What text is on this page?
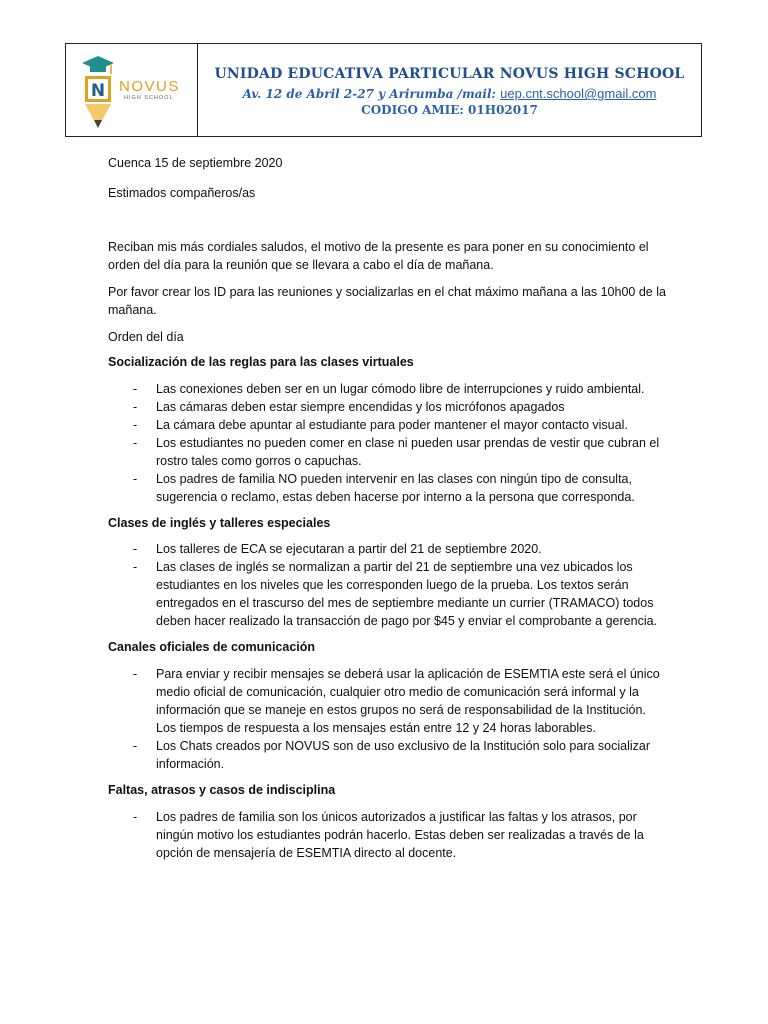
N NOVUS
HIGH SCHOOL
UNIDAD EDUCATIVA PARTICULAR NOVUS HIGH SCHOOL
Av. 12 de Abril 2-27 y Arirumba /mail: uep.cnt.school@gmail.com
CODIGO AMIE: 01H02017

Cuenca 15 de septiembre 2020

Estimados compañeros/as

Reciban mis más cordiales saludos, el motivo de la presente es para poner en su conocimiento el orden del día para la reunión que se llevara a cabo el día de mañana.

Por favor crear los ID para las reuniones y socializarlas en el chat máximo mañana a las 10h00 de la mañana.

Orden del día

Socialización de las reglas para las clases virtuales

- Las conexiones deben ser en un lugar cómodo libre de interrupciones y ruido ambiental.
- Las cámaras deben estar siempre encendidas y los micrófonos apagados
- La cámara debe apuntar al estudiante para poder mantener el mayor contacto visual.
- Los estudiantes no pueden comer en clase ni pueden usar prendas de vestir que cubran el rostro tales como gorros o capuchas.
- Los padres de familia NO pueden intervenir en las clases con ningún tipo de consulta, sugerencia o reclamo, estas deben hacerse por interno a la persona que corresponda.

Clases de inglés y talleres especiales

- Los talleres de ECA se ejecutaran a partir del 21 de septiembre 2020.
- Las clases de inglés se normalizan a partir del 21 de septiembre una vez ubicados los estudiantes en los niveles que les corresponden luego de la prueba. Los textos serán entregados en el trascurso del mes de septiembre mediante un currier (TRAMACO) todos deben hacer realizado la transacción de pago por $45 y enviar el comprobante a gerencia.

Canales oficiales de comunicación

- Para enviar y recibir mensajes se deberá usar la aplicación de ESEMTIA este será el único medio oficial de comunicación, cualquier otro medio de comunicación será informal y la información que se maneje en estos grupos no será de responsabilidad de la Institución. Los tiempos de respuesta a los mensajes están entre 12 y 24 horas laborables.
- Los Chats creados por NOVUS son de uso exclusivo de la Institución solo para socializar información.

Faltas, atrasos y casos de indisciplina

- Los padres de familia son los únicos autorizados a justificar las faltas y los atrasos, por ningún motivo los estudiantes podrán hacerlo. Estas deben ser realizadas a través de la opción de mensajería de ESEMTIA directo al docente.
